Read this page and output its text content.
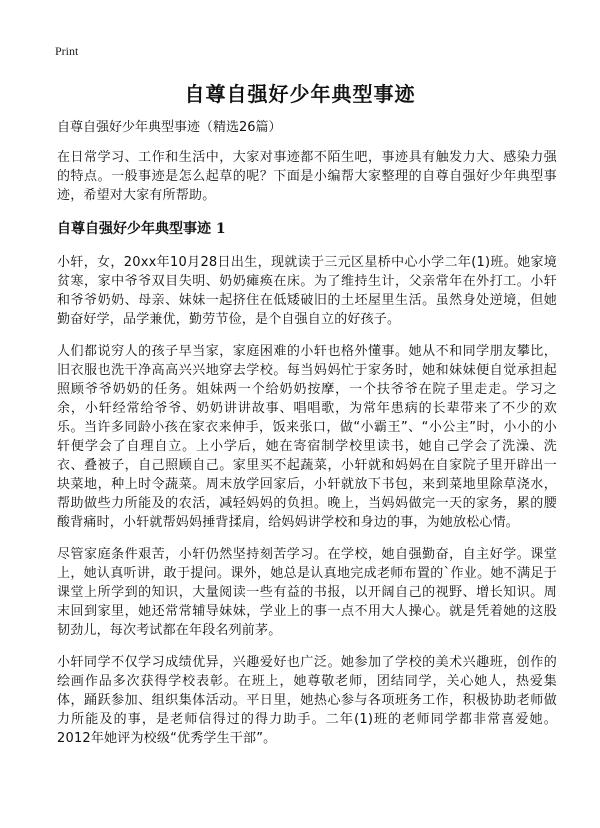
Print
自尊自强好少年典型事迹

自尊自强好少年典型事迹（精选26篇）

在日常学习、工作和生活中，大家对事迹都不陌生吧，事迹具有触发力大、感染力强的特点。一般事迹是怎么起草的呢？下面是小编帮大家整理的自尊自强好少年典型事迹，希望对大家有所帮助。

自尊自强好少年典型事迹 1

小轩，女，20xx年10月28日出生，现就读于三元区星桥中心小学二年(1)班。她家境贫寒，家中爷爷双目失明、奶奶瘫痪在床。为了维持生计，父亲常年在外打工。小轩和爷爷奶奶、母亲、妹妹一起挤住在低矮破旧的土坯屋里生活。虽然身处逆境，但她勤奋好学，品学兼优，勤劳节俭，是个自强自立的好孩子。

人们都说穷人的孩子早当家，家庭困难的小轩也格外懂事。她从不和同学朋友攀比，旧衣服也洗干净高高兴兴地穿去学校。每当妈妈忙于家务时，她和妹妹便自觉承担起照顾爷爷奶奶的任务。姐妹两一个给奶奶按摩，一个扶爷爷在院子里走走。学习之余，小轩经常给爷爷、奶奶讲讲故事、唱唱歌，为常年患病的长辈带来了不少的欢乐。当许多同龄小孩在家衣来伸手，饭来张口，做“小霸王”、“小公主”时，小小的小轩便学会了自理自立。上小学后，她在寄宿制学校里读书，她自己学会了洗澡、洗衣、叠被子，自己照顾自己。家里买不起蔬菜，小轩就和妈妈在自家院子里开辟出一块菜地，种上时令蔬菜。周末放学回家后，小轩就放下书包，来到菜地里除草浇水，帮助做些力所能及的农活，减轻妈妈的负担。晚上，当妈妈做完一天的家务，累的腰酸背痛时，小轩就帮妈妈捶背揉肩，给妈妈讲学校和身边的事，为她放松心情。

尽管家庭条件艰苦，小轩仍然坚持刻苦学习。在学校，她自强勤奋，自主好学。课堂上，她认真听讲，敢于提问。课外，她总是认真地完成老师布置的`作业。她不满足于课堂上所学到的知识，大量阅读一些有益的书报，以开阔自己的视野、增长知识。周末回到家里，她还常常辅导妹妹，学业上的事一点不用大人操心。就是凭着她的这股韧劲儿，每次考试都在年段名列前茅。

小轩同学不仅学习成绩优异，兴趣爱好也广泛。她参加了学校的美术兴趣班，创作的绘画作品多次获得学校表彰。在班上，她尊敬老师，团结同学，关心她人，热爱集体，踊跃参加、组织集体活动。平日里，她热心参与各项班务工作，积极协助老师做力所能及的事，是老师信得过的得力助手。二年(1)班的老师同学都非常喜爱她。2012年她评为校级“优秀学生干部”。
